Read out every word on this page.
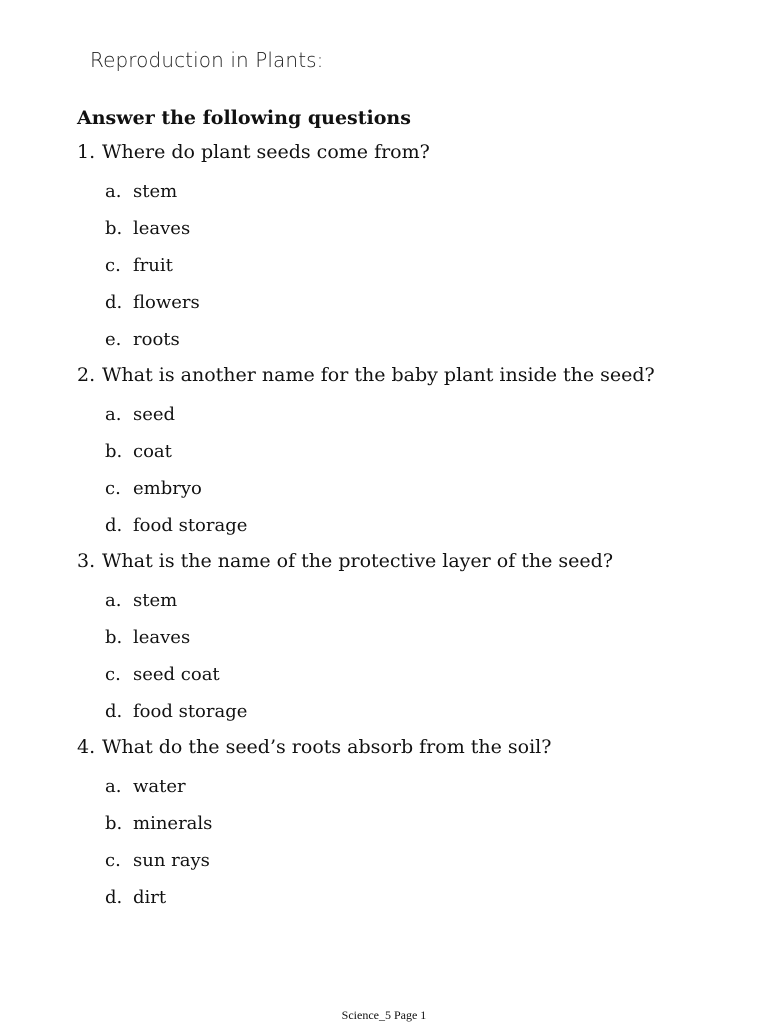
Reproduction in Plants:
Answer the following questions
1. Where do plant seeds come from?
a. stem
b. leaves
c. fruit
d. flowers
e. roots
2. What is another name for the baby plant inside the seed?
a. seed
b. coat
c. embryo
d. food storage
3. What is the name of the protective layer of the seed?
a. stem
b. leaves
c. seed coat
d. food storage
4. What do the seed’s roots absorb from the soil?
a. water
b. minerals
c. sun rays
d. dirt
Science_5 Page 1
